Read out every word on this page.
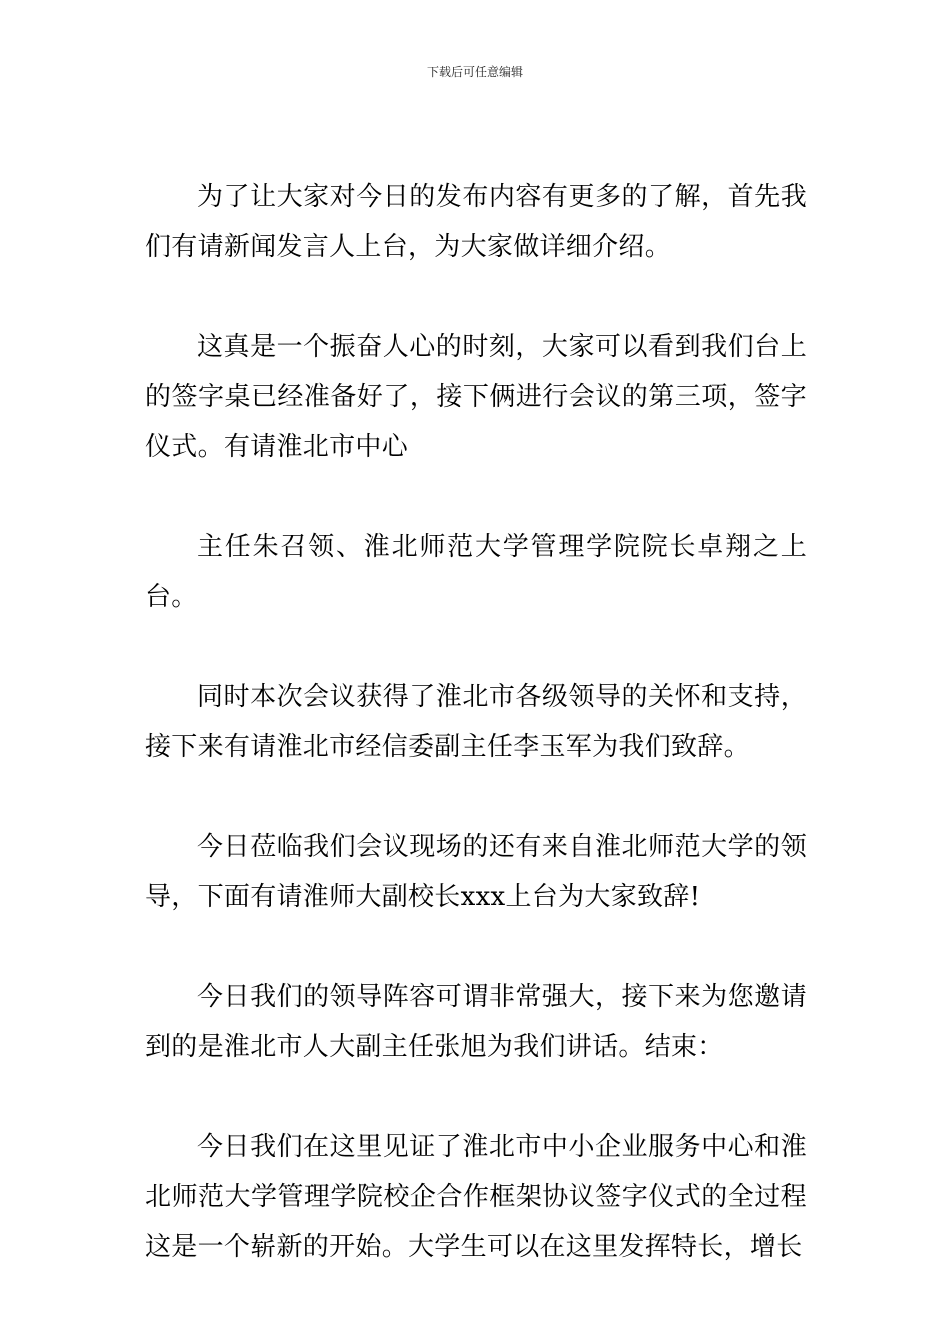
下载后可任意编辑

为了让大家对今日的发布内容有更多的了解，首先我们有请新闻发言人上台，为大家做详细介绍。

这真是一个振奋人心的时刻，大家可以看到我们台上的签字桌已经准备好了，接下俩进行会议的第三项，签字仪式。有请淮北市中心

主任朱召领、淮北师范大学管理学院院长卓翔之上台。

同时本次会议获得了淮北市各级领导的关怀和支持，接下来有请淮北市经信委副主任李玉军为我们致辞。

今日莅临我们会议现场的还有来自淮北师范大学的领导，下面有请淮师大副校长xxx上台为大家致辞!

今日我们的领导阵容可谓非常强大，接下来为您邀请到的是淮北市人大副主任张旭为我们讲话。结束：

今日我们在这里见证了淮北市中小企业服务中心和淮北师范大学管理学院校企合作框架协议签字仪式的全过程这是一个崭新的开始。大学生可以在这里发挥特长，增长
